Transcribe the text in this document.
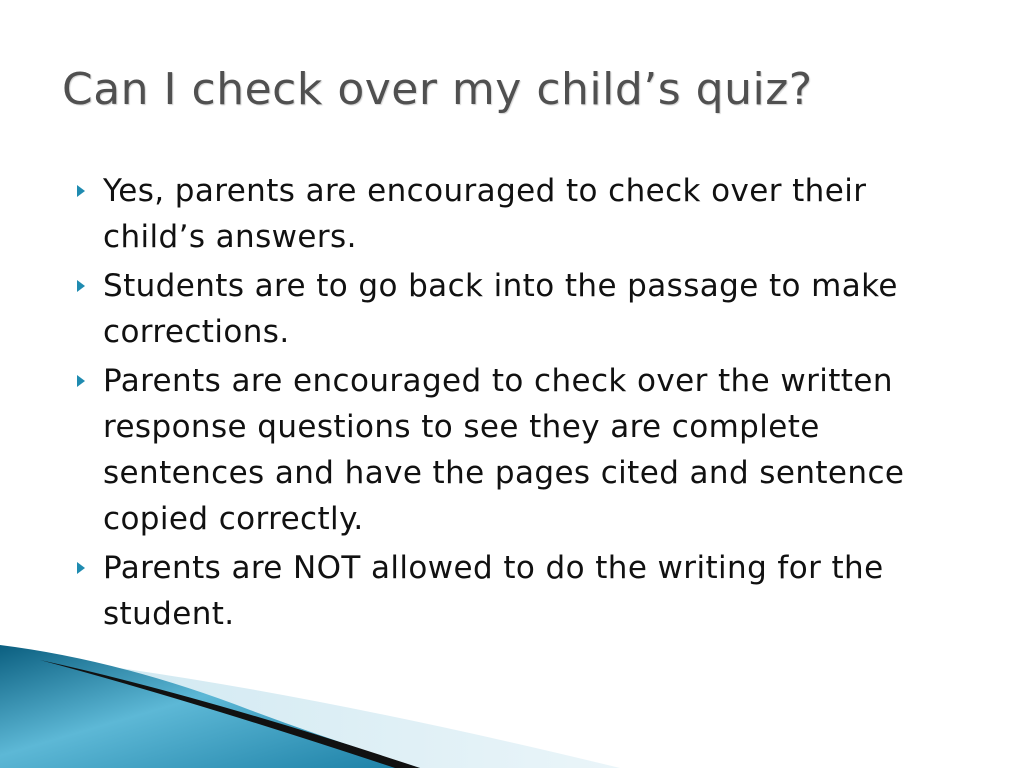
Can I check over my child’s quiz?
Yes, parents are encouraged to check over their child’s answers.
Students are to go back into the passage to make corrections.
Parents are encouraged to check over the written response questions to see they are complete sentences and have the pages cited and sentence copied correctly.
Parents are NOT allowed to do the writing for the student.
